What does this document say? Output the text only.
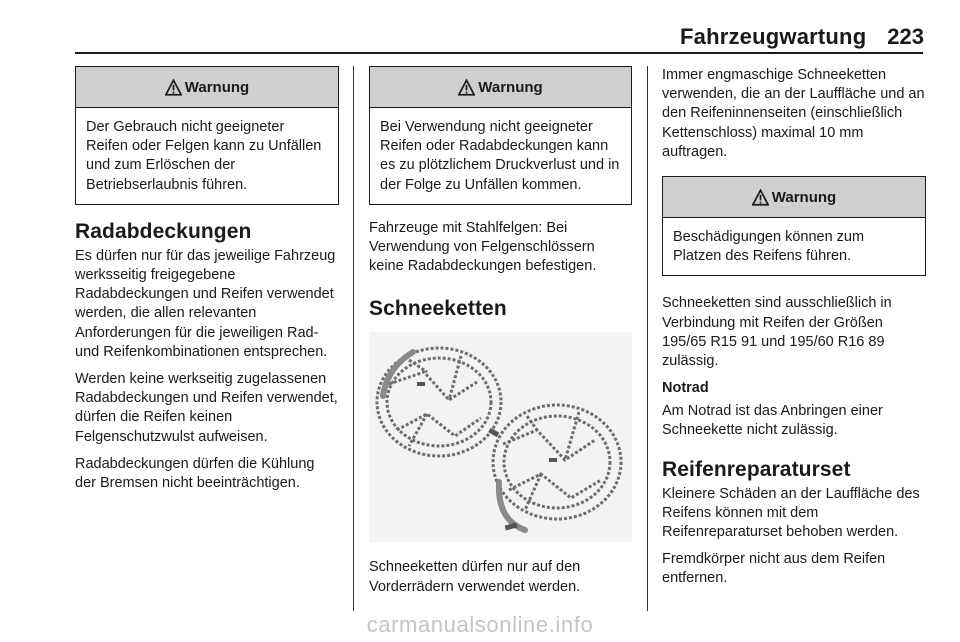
Fahrzeugwartung 223
Warnung
Der Gebrauch nicht geeigneter Reifen oder Felgen kann zu Unfällen und zum Erlöschen der Betriebserlaubnis führen.
Radabdeckungen

Es dürfen nur für das jeweilige Fahrzeug werksseitig freigegebene Radabdeckungen und Reifen verwendet werden, die allen relevanten Anforderungen für die jeweiligen Rad- und Reifenkombinationen entsprechen.

Werden keine werkseitig zugelassenen Radabdeckungen und Reifen verwendet, dürfen die Reifen keinen Felgenschutzwulst aufweisen.

Radabdeckungen dürfen die Kühlung der Bremsen nicht beeinträchtigen.

Warnung
Bei Verwendung nicht geeigneter Reifen oder Radabdeckungen kann es zu plötzlichem Druckverlust und in der Folge zu Unfällen kommen.

Fahrzeuge mit Stahlfelgen: Bei Verwendung von Felgenschlössern keine Radabdeckungen befestigen.

Schneeketten

Schneeketten dürfen nur auf den Vorderrädern verwendet werden.

Immer engmaschige Schneeketten verwenden, die an der Lauffläche und an den Reifeninnenseiten (einschließlich Kettenschloss) maximal 10 mm auftragen.

Warnung
Beschädigungen können zum Platzen des Reifens führen.

Schneeketten sind ausschließlich in Verbindung mit Reifen der Größen 195/65 R15 91 und 195/60 R16 89 zulässig.

Notrad

Am Notrad ist das Anbringen einer Schneekette nicht zulässig.

Reifenreparaturset

Kleinere Schäden an der Lauffläche des Reifens können mit dem Reifenreparaturset behoben werden.

Fremdkörper nicht aus dem Reifen entfernen.

carmanualsonline.info
